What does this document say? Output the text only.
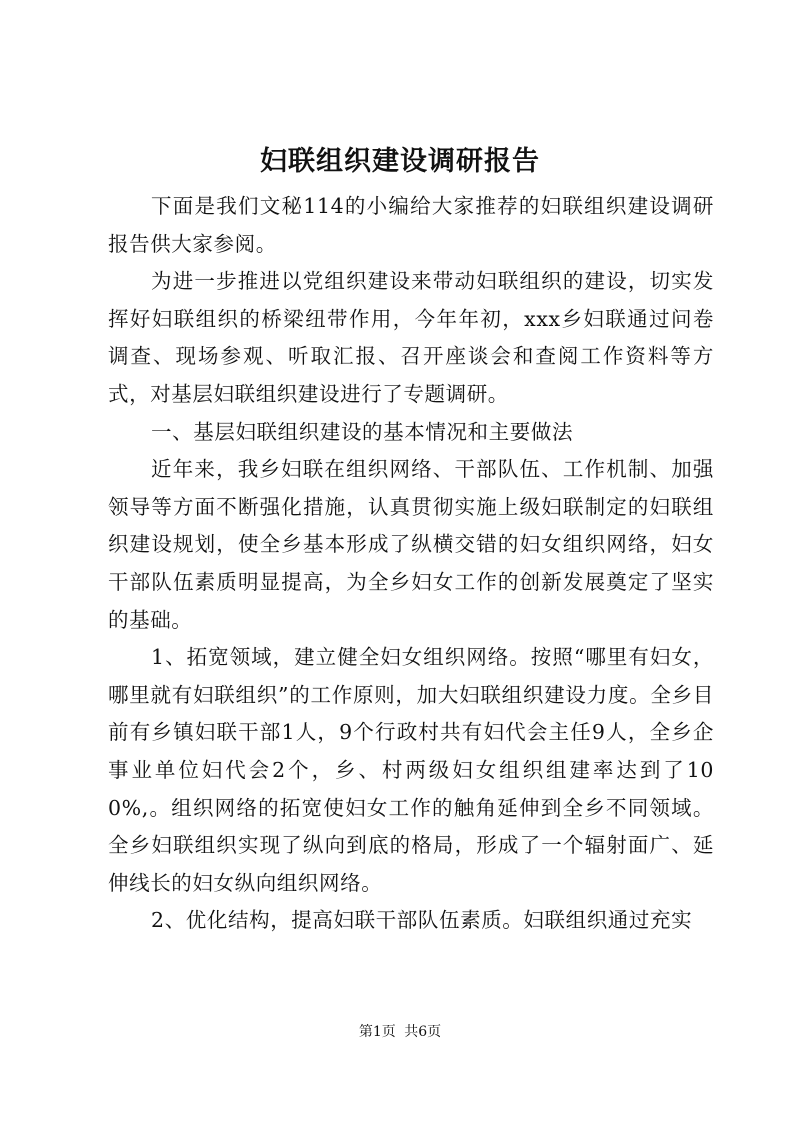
妇联组织建设调研报告

下面是我们文秘114的小编给大家推荐的妇联组织建设调研报告供大家参阅。

为进一步推进以党组织建设来带动妇联组织的建设，切实发挥好妇联组织的桥梁纽带作用，今年年初，xxx乡妇联通过问卷调查、现场参观、听取汇报、召开座谈会和查阅工作资料等方式，对基层妇联组织建设进行了专题调研。

一、基层妇联组织建设的基本情况和主要做法

近年来，我乡妇联在组织网络、干部队伍、工作机制、加强领导等方面不断强化措施，认真贯彻实施上级妇联制定的妇联组织建设规划，使全乡基本形成了纵横交错的妇女组织网络，妇女干部队伍素质明显提高，为全乡妇女工作的创新发展奠定了坚实的基础。

1、拓宽领域，建立健全妇女组织网络。按照“哪里有妇女，哪里就有妇联组织”的工作原则，加大妇联组织建设力度。全乡目前有乡镇妇联干部1人，9个行政村共有妇代会主任9人，全乡企事业单位妇代会2个，乡、村两级妇女组织组建率达到了100%,。组织网络的拓宽使妇女工作的触角延伸到全乡不同领域。全乡妇联组织实现了纵向到底的格局，形成了一个辐射面广、延伸线长的妇女纵向组织网络。

2、优化结构，提高妇联干部队伍素质。妇联组织通过充实

第1页 共6页
